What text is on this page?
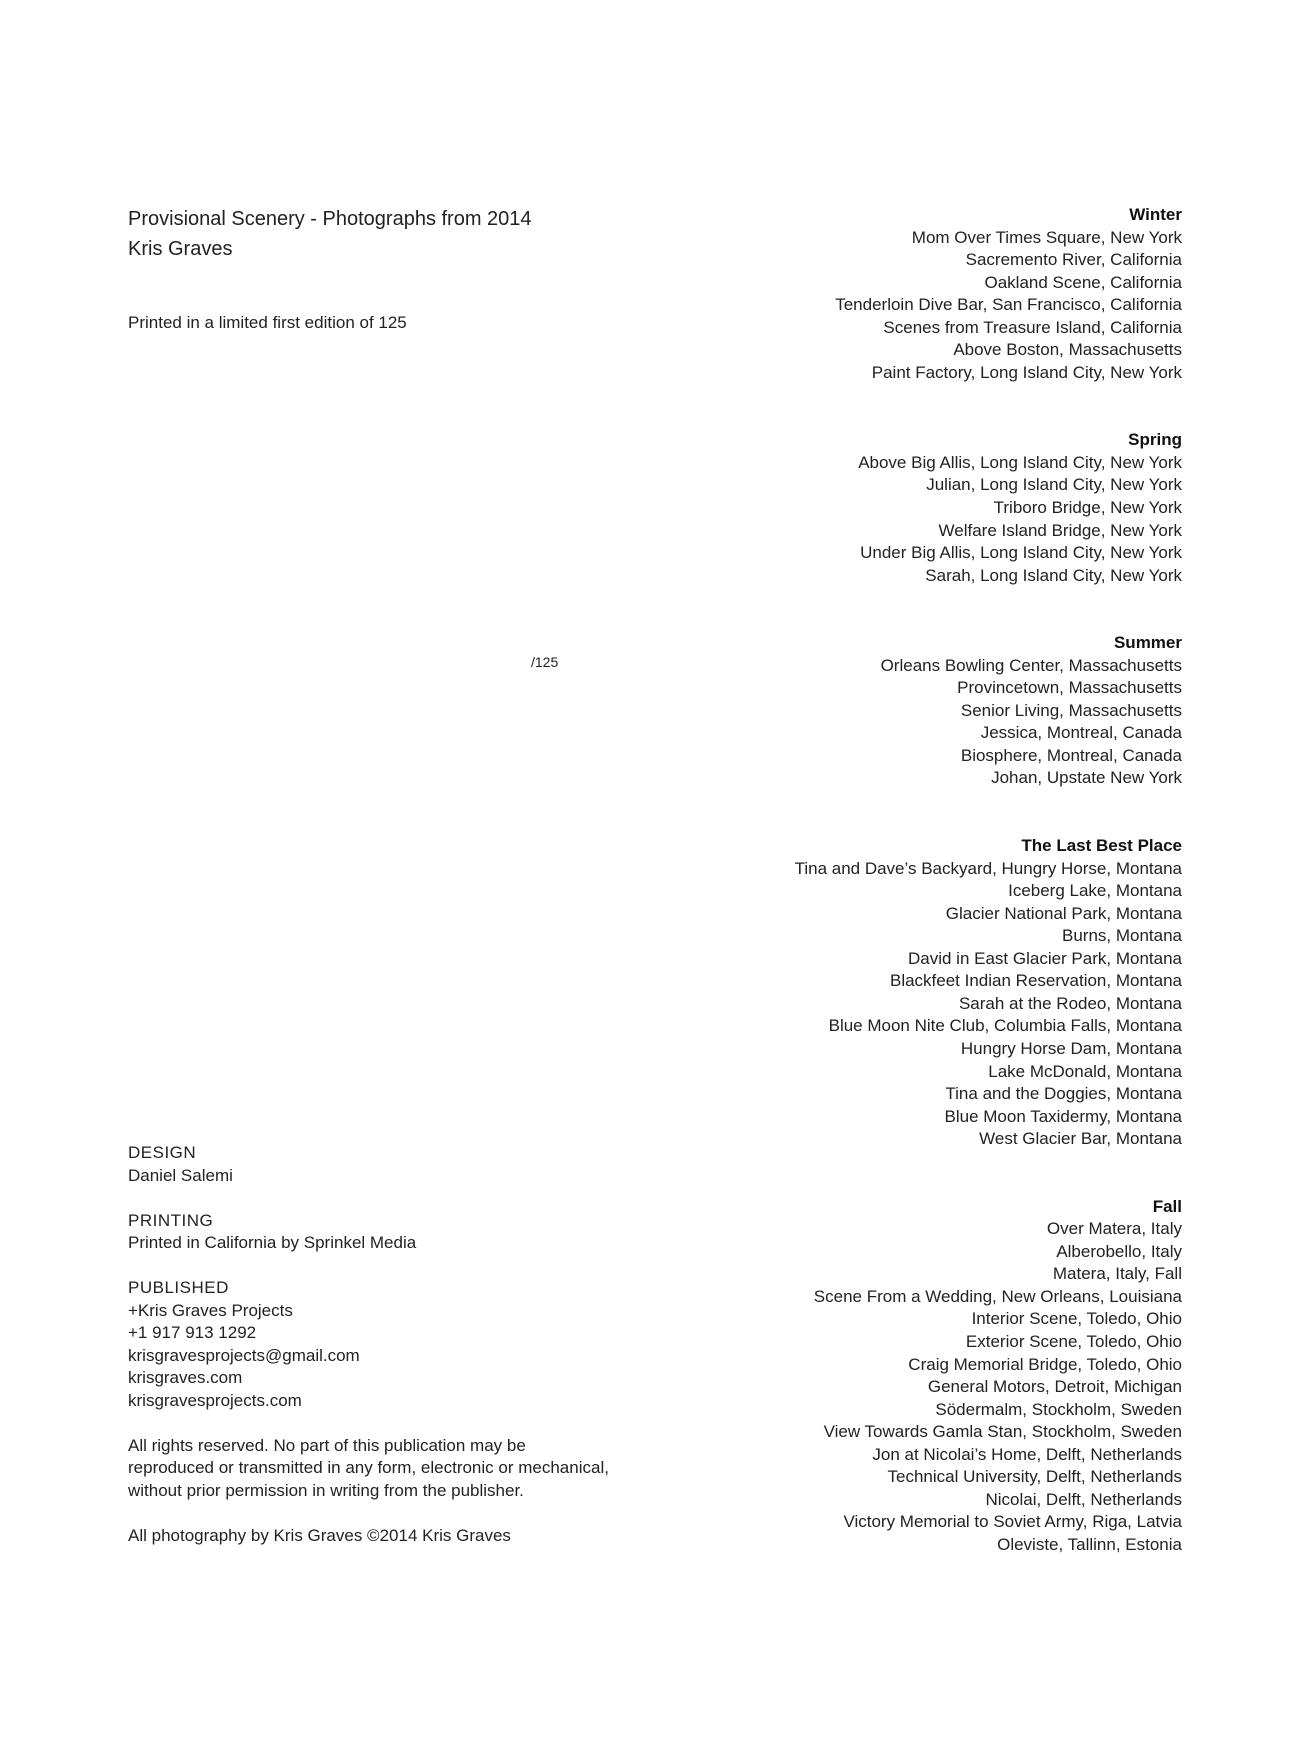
Provisional Scenery - Photographs from 2014
Kris Graves
Printed in a limited first edition of 125
/125
DESIGN
Daniel Salemi
PRINTING
Printed in California by Sprinkel Media
PUBLISHED
+Kris Graves Projects
+1 917 913 1292
krisgravesprojects@gmail.com
krisgraves.com
krisgravesprojects.com
All rights reserved. No part of this publication may be
reproduced or transmitted in any form, electronic or mechanical,
without prior permission in writing from the publisher.
All photography by Kris Graves ©2014 Kris Graves
Winter
Mom Over Times Square, New York
Sacremento River, California
Oakland Scene, California
Tenderloin Dive Bar, San Francisco, California
Scenes from Treasure Island, California
Above Boston, Massachusetts
Paint Factory, Long Island City, New York
Spring
Above Big Allis, Long Island City, New York
Julian, Long Island City, New York
Triboro Bridge, New York
Welfare Island Bridge, New York
Under Big Allis, Long Island City, New York
Sarah, Long Island City, New York
Summer
Orleans Bowling Center, Massachusetts
Provincetown, Massachusetts
Senior Living, Massachusetts
Jessica, Montreal, Canada
Biosphere, Montreal, Canada
Johan, Upstate New York
The Last Best Place
Tina and Dave’s Backyard, Hungry Horse, Montana
Iceberg Lake, Montana
Glacier National Park, Montana
Burns, Montana
David in East Glacier Park, Montana
Blackfeet Indian Reservation, Montana
Sarah at the Rodeo, Montana
Blue Moon Nite Club, Columbia Falls, Montana
Hungry Horse Dam, Montana
Lake McDonald, Montana
Tina and the Doggies, Montana
Blue Moon Taxidermy, Montana
West Glacier Bar, Montana
Fall
Over Matera, Italy
Alberobello, Italy
Matera, Italy, Fall
Scene From a Wedding, New Orleans, Louisiana
Interior Scene, Toledo, Ohio
Exterior Scene, Toledo, Ohio
Craig Memorial Bridge, Toledo, Ohio
General Motors, Detroit, Michigan
Södermalm, Stockholm, Sweden
View Towards Gamla Stan, Stockholm, Sweden
Jon at Nicolai’s Home, Delft, Netherlands
Technical University, Delft, Netherlands
Nicolai, Delft, Netherlands
Victory Memorial to Soviet Army, Riga, Latvia
Oleviste, Tallinn, Estonia
